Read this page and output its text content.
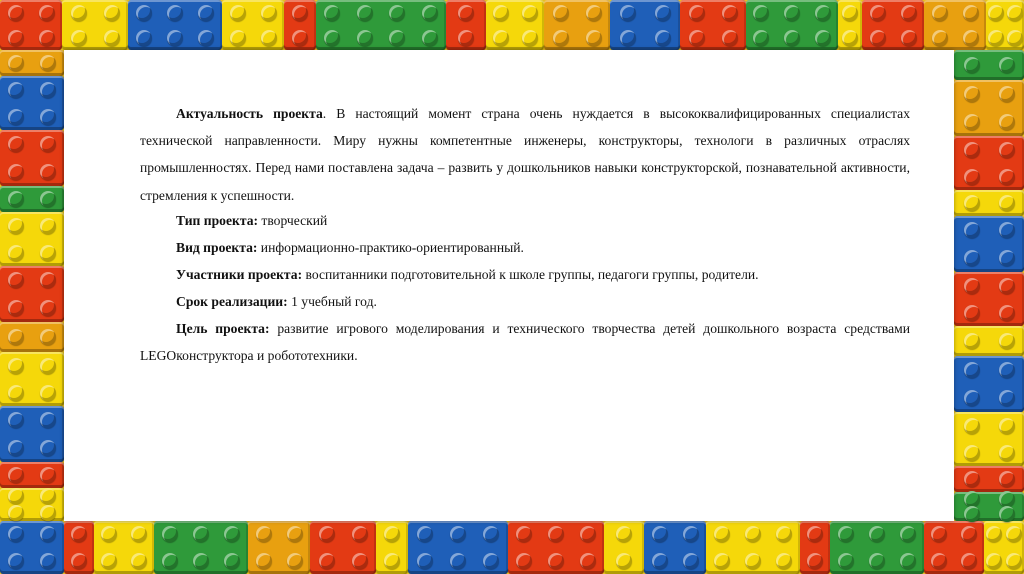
Актуальность проекта. В настоящий момент страна очень нуждается в высококвалифицированных специалистах технической направленности. Миру нужны компетентные инженеры, конструкторы, технологи в различных отраслях промышленностях. Перед нами поставлена задача – развить у дошкольников навыки конструкторской, познавательной активности, стремления к успешности.

Тип проекта: творческий

Вид проекта: информационно-практико-ориентированный.

Участники проекта: воспитанники подготовительной к школе группы, педагоги группы, родители.

Срок реализации: 1 учебный год.

Цель проекта: развитие игрового моделирования и технического творчества детей дошкольного возраста средствами LEGOконструктора и робототехники.
